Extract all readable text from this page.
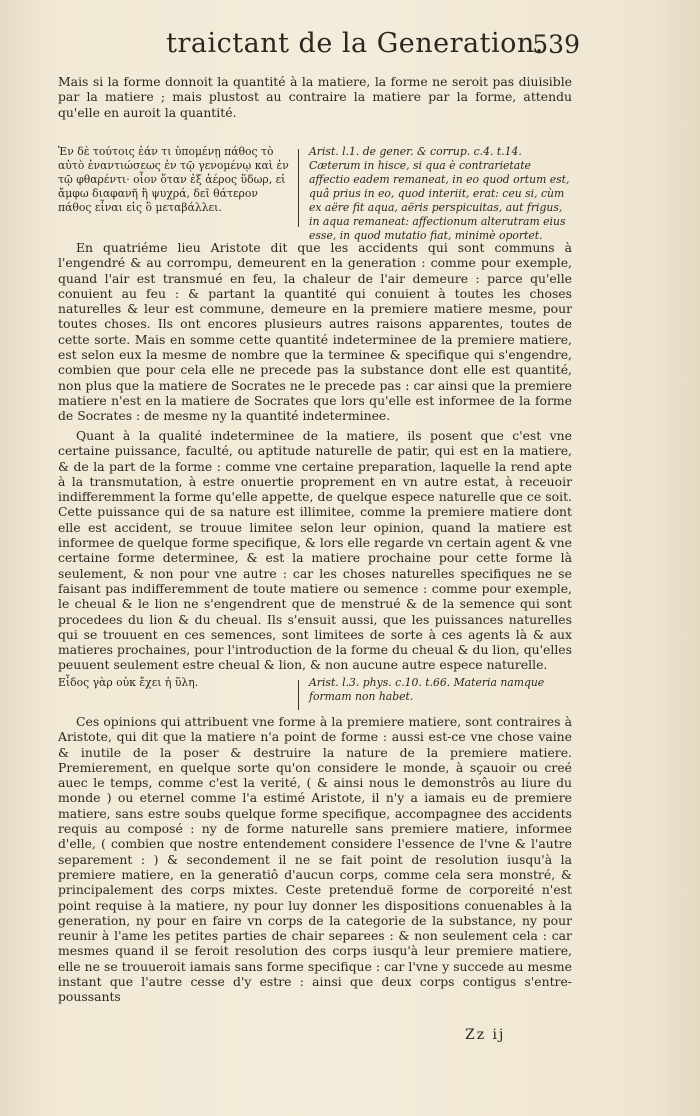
traictant de la Generation.
539

Mais si la forme donnoit la quantité à la matiere, la forme ne seroit pas diuisible par la matiere ; mais plustost au contraire la matiere par la forme, attendu qu'elle en auroit la quantité.

Ἐν δὲ τούτοις ἐάν τι ὑπομένῃ πάθος τὸ αὐτὸ ἐναντιώσεως ἐν τῷ γενομένῳ καὶ ἐν τῷ φθαρέντι· οἷον ὅταν ἐξ ἀέρος ὕδωρ, εἰ ἄμφω διαφανῆ ἢ ψυχρά, δεῖ θάτερον πάθος εἶναι εἰς ὃ μεταβάλλει.
Arist. l.1. de gener. & corrup. c.4. t.14. Cæterum in hisce, si qua è contrarietate affectio eadem remaneat, in eo quod ortum est, quâ prius in eo, quod interiit, erat: ceu si, cùm ex aëre fit aqua, aëris perspicuitas, aut frigus, in aqua remaneat: affectionum alterutram eius esse, in quod mutatio fiat, minimè oportet.

En quatriéme lieu Aristote dit que les accidents qui sont communs à l'engendré & au corrompu, demeurent en la generation : comme pour exemple, quand l'air est transmué en feu, la chaleur de l'air demeure : parce qu'elle conuient au feu : & partant la quantité qui conuient à toutes les choses naturelles & leur est commune, demeure en la premiere matiere mesme, pour toutes choses. Ils ont encores plusieurs autres raisons apparentes, toutes de cette sorte. Mais en somme cette quantité indeterminee de la premiere matiere, est selon eux la mesme de nombre que la terminee & specifique qui s'engendre, combien que pour cela elle ne precede pas la substance dont elle est quantité, non plus que la matiere de Socrates ne le precede pas : car ainsi que la premiere matiere n'est en la matiere de Socrates que lors qu'elle est informee de la forme de Socrates : de mesme ny la quantité indeterminee.

Quant à la qualité indeterminee de la matiere, ils posent que c'est vne certaine puissance, faculté, ou aptitude naturelle de patir, qui est en la matiere, & de la part de la forme : comme vne certaine preparation, laquelle la rend apte à la transmutation, à estre onuertie proprement en vn autre estat, à receuoir indifferemment la forme qu'elle appette, de quelque espece naturelle que ce soit. Cette puissance qui de sa nature est illimitee, comme la premiere matiere dont elle est accident, se trouue limitee selon leur opinion, quand la matiere est informee de quelque forme specifique, & lors elle regarde vn certain agent & vne certaine forme determinee, & est la matiere prochaine pour cette forme là seulement, & non pour vne autre : car les choses naturelles specifiques ne se faisant pas indifferemment de toute matiere ou semence : comme pour exemple, le cheual & le lion ne s'engendrent que de menstrué & de la semence qui sont procedees du lion & du cheual. Ils s'ensuit aussi, que les puissances naturelles qui se trouuent en ces semences, sont limitees de sorte à ces agents là & aux matieres prochaines, pour l'introduction de la forme du cheual & du lion, qu'elles peuuent seulement estre cheual & lion, & non aucune autre espece naturelle.

Εἶδος γὰρ οὐκ ἔχει ἡ ὕλη.	Arist. l.3. phys. c.10. t.66. Materia namque formam non habet.

Ces opinions qui attribuent vne forme à la premiere matiere, sont contraires à Aristote, qui dit que la matiere n'a point de forme : aussi est-ce vne chose vaine & inutile de la poser & destruire la nature de la premiere matiere. Premierement, en quelque sorte qu'on considere le monde, à sçauoir ou creé auec le temps, comme c'est la verité, ( & ainsi nous le demonstrôs au liure du monde ) ou eternel comme l'a estimé Aristote, il n'y a iamais eu de premiere matiere, sans estre soubs quelque forme specifique, accompagnee des accidents requis au composé : ny de forme naturelle sans premiere matiere, informee d'elle, ( combien que nostre entendement considere l'essence de l'vne & l'autre separement : ) & secondement il ne se fait point de resolution iusqu'à la premiere matiere, en la generatiô d'aucun corps, comme cela sera monstré, & principalement des corps mixtes. Ceste pretenduë forme de corporeité n'est point requise à la matiere, ny pour luy donner les dispositions conuenables à la generation, ny pour en faire vn corps de la categorie de la substance, ny pour reunir à l'ame les petites parties de chair separees : & non seulement cela : car mesmes quand il se feroit resolution des corps iusqu'à leur premiere matiere, elle ne se trouueroit iamais sans forme specifique : car l'vne y succede au mesme instant que l'autre cesse d'y estre : ainsi que deux corps contigus s'entre-poussants

Zz ij
